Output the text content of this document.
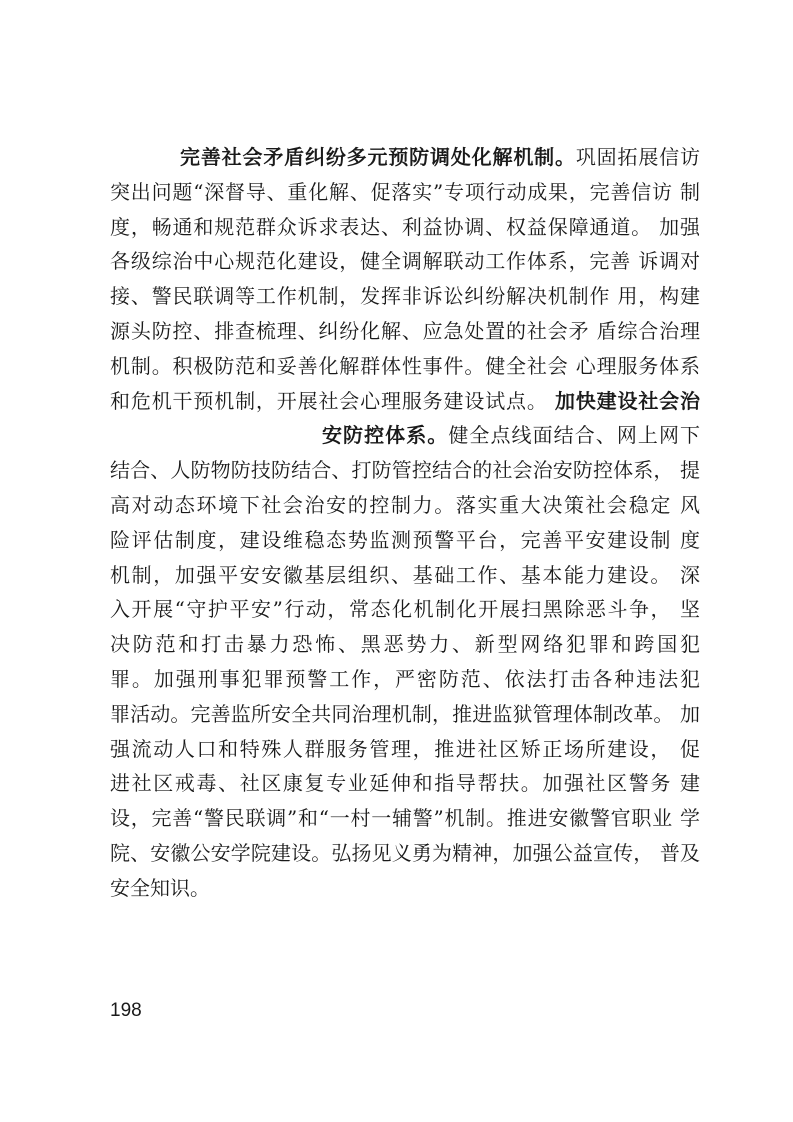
完善社会矛盾纠纷多元预防调处化解机制。巩固拓展信访
突出问题“深督导、重化解、促落实”专项行动成果，完善信访 制
度，畅通和规范群众诉求表达、利益协调、权益保障通道。 加强
各级综治中心规范化建设，健全调解联动工作体系，完善 诉调对
接、警民联调等工作机制，发挥非诉讼纠纷解决机制作 用，构建
源头防控、排查梳理、纠纷化解、应急处置的社会矛 盾综合治理
机制。积极防范和妥善化解群体性事件。健全社会 心理服务体系
和危机干预机制，开展社会心理服务建设试点。 加快建设社会治
安防控体系。健全点线面结合、网上网下
结合、人防物防技防结合、打防管控结合的社会治安防控体系， 提
高对动态环境下社会治安的控制力。落实重大决策社会稳定 风
险评估制度，建设维稳态势监测预警平台，完善平安建设制 度
机制，加强平安安徽基层组织、基础工作、基本能力建设。 深
入开展“守护平安”行动，常态化机制化开展扫黑除恶斗争， 坚
决防范和打击暴力恐怖、黑恶势力、新型网络犯罪和跨国犯
罪。加强刑事犯罪预警工作，严密防范、依法打击各种违法犯
罪活动。完善监所安全共同治理机制，推进监狱管理体制改革。 加
强流动人口和特殊人群服务管理，推进社区矫正场所建设， 促
进社区戒毒、社区康复专业延伸和指导帮扶。加强社区警务 建
设，完善“警民联调”和“一村一辅警”机制。推进安徽警官职业 学
院、安徽公安学院建设。弘扬见义勇为精神，加强公益宣传， 普及
安全知识。
198
